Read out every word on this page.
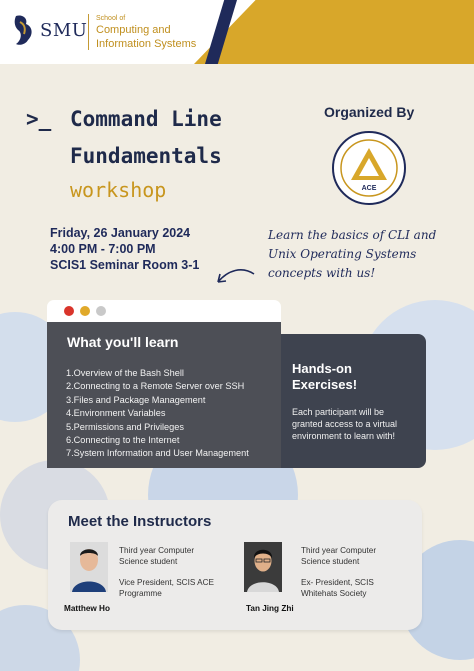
SMU
School of
Computing and
Information Systems
>_ Command Line
Fundamentals
workshop
Organized By
ACE
Friday, 26 January 2024
4:00 PM - 7:00 PM
SCIS1 Seminar Room 3-1
Learn the basics of CLI and Unix Operating Systems concepts with us!
What you'll learn
1.Overview of the Bash Shell
2.Connecting to a Remote Server over SSH
3.Files and Package Management
4.Environment Variables
5.Permissions and Privileges
6.Connecting to the Internet
7.System Information and User Management
Hands-on Exercises!
Each participant will be granted access to a virtual environment to learn with!
Meet the Instructors
Matthew Ho
Third year Computer Science student
Vice President, SCIS ACE Programme
Tan Jing Zhi
Third year Computer Science student
Ex- President, SCIS Whitehats Society
